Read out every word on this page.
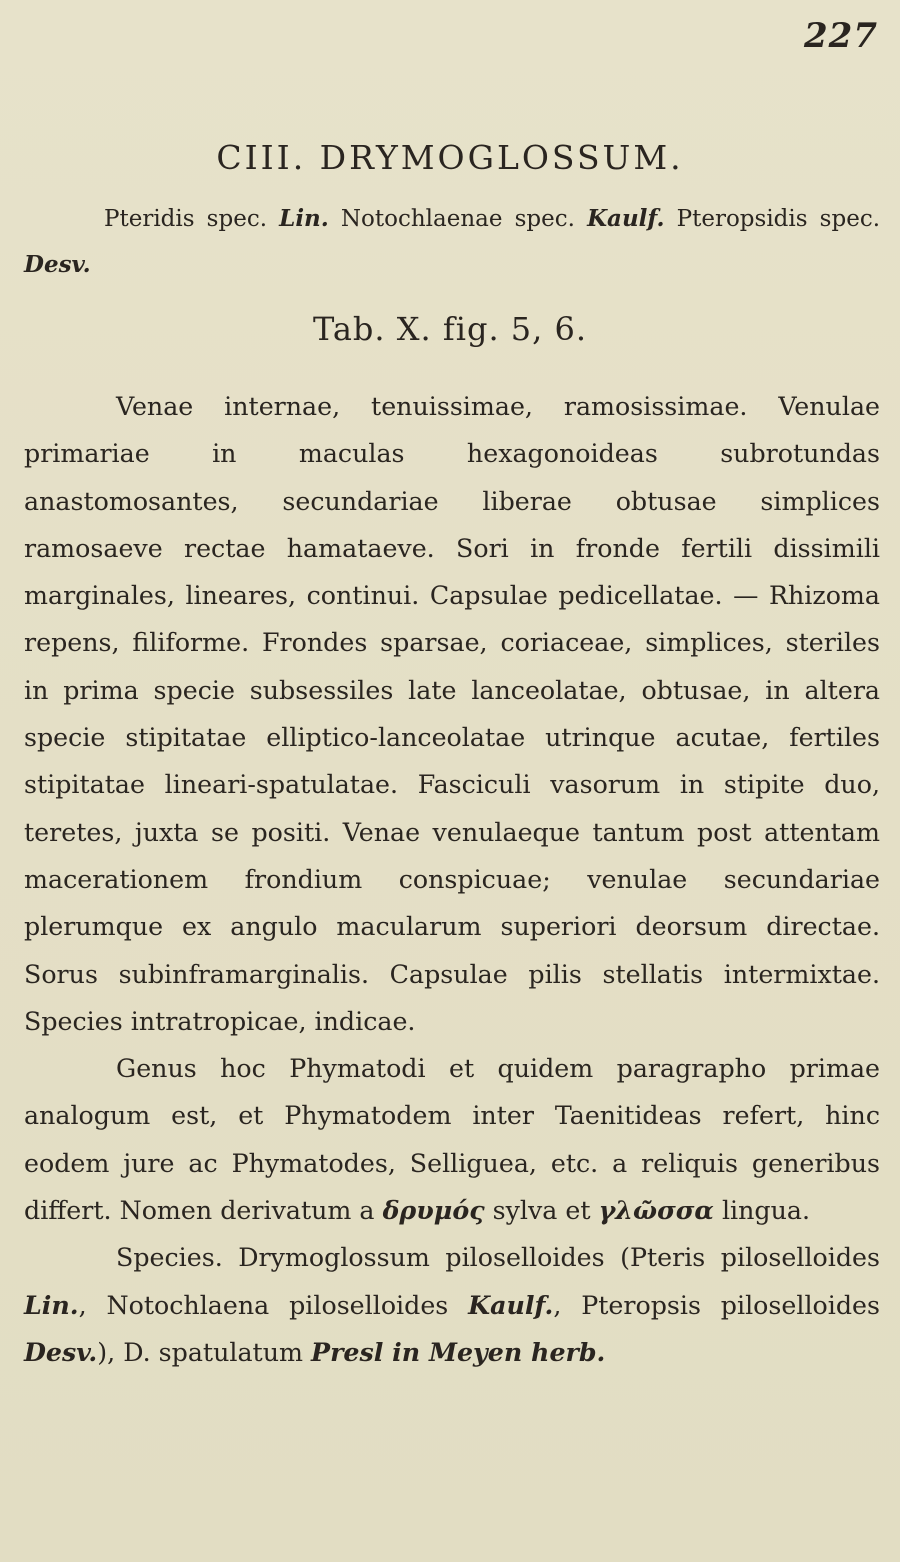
227
CIII. DRYMOGLOSSUM.
Pteridis spec. Lin. Notochlaenae spec. Kaulf. Pteropsidis spec. Desv.
Tab. X. fig. 5, 6.

Venae internae, tenuissimae, ramosissimae. Venulae primariae in maculas hexagonoideas subrotundas anastomosantes, secundariae liberae obtusae simplices ramosaeve rectae hamataeve. Sori in fronde fertili dissimili marginales, lineares, continui. Capsulae pedicellatae. — Rhizoma repens, filiforme. Frondes sparsae, coriaceae, simplices, steriles in prima specie subsessiles late lanceolatae, obtusae, in altera specie stipitatae elliptico-lanceolatae utrinque acutae, fertiles stipitatae lineari-spatulatae. Fasciculi vasorum in stipite duo, teretes, juxta se positi. Venae venulaeque tantum post attentam macerationem frondium conspicuae; venulae secundariae plerumque ex angulo macularum superiori deorsum directae. Sorus subinframarginalis. Capsulae pilis stellatis intermixtae. Species intratropicae, indicae.

Genus hoc Phymatodi et quidem paragrapho primae analogum est, et Phymatodem inter Taenitideas refert, hinc eodem jure ac Phymatodes, Selliguea, etc. a reliquis generibus differt. Nomen derivatum a δρυμός sylva et γλῶσσα lingua.

Species. Drymoglossum piloselloides (Pteris piloselloides Lin., Notochlaena piloselloides Kaulf., Pteropsis piloselloides Desv.), D. spatulatum Presl in Meyen herb.
